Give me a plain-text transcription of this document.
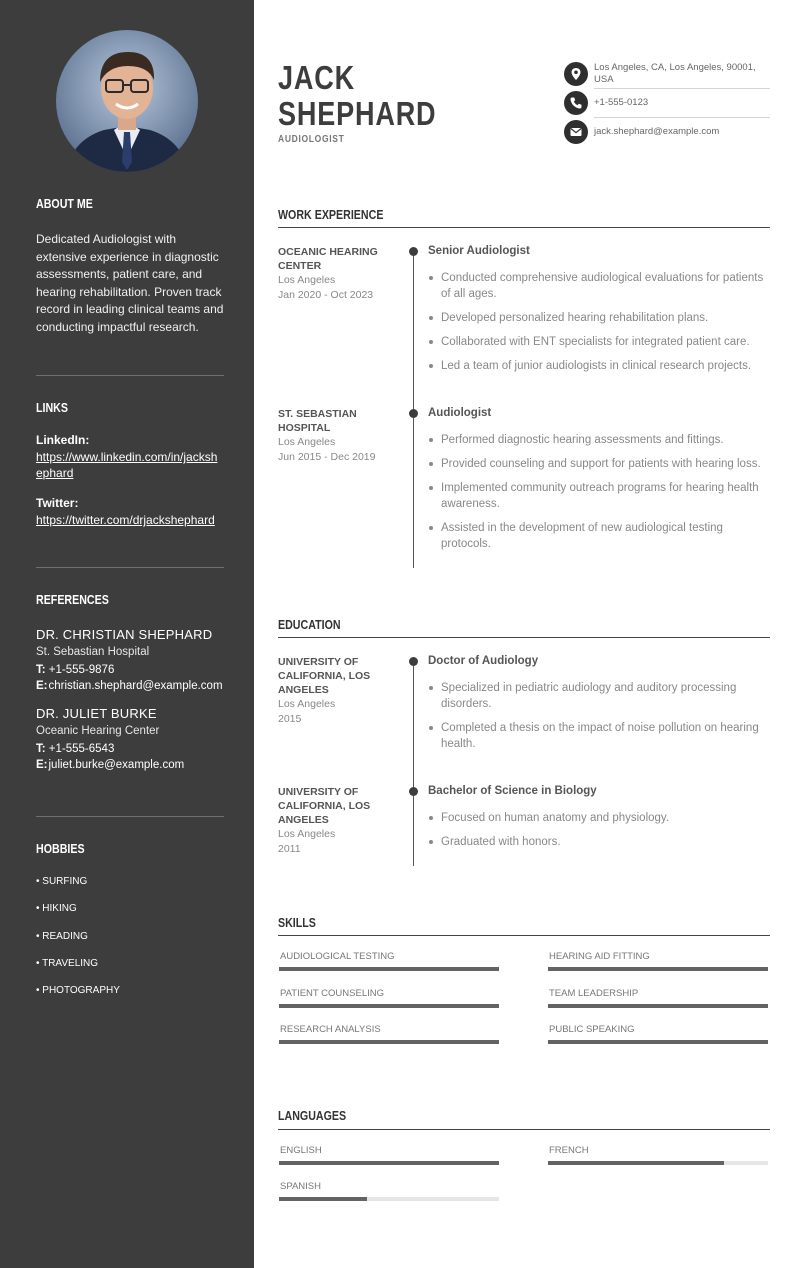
ABOUT ME
Dedicated Audiologist with extensive experience in diagnostic assessments, patient care, and hearing rehabilitation. Proven track record in leading clinical teams and conducting impactful research.
LINKS
LinkedIn:
https://www.linkedin.com/in/jackshephard
Twitter:
https://twitter.com/drjackshephard
REFERENCES
DR. CHRISTIAN SHEPHARD
St. Sebastian Hospital
T: +1-555-9876
E: christian.shephard@example.com
DR. JULIET BURKE
Oceanic Hearing Center
T: +1-555-6543
E: juliet.burke@example.com
HOBBIES
• SURFING
• HIKING
• READING
• TRAVELING
• PHOTOGRAPHY
JACK
SHEPHARD
AUDIOLOGIST
Los Angeles, CA, Los Angeles, 90001, USA
+1-555-0123
jack.shephard@example.com
WORK EXPERIENCE
OCEANIC HEARING CENTER
Los Angeles
Jan 2020 - Oct 2023
Senior Audiologist
Conducted comprehensive audiological evaluations for patients of all ages.
Developed personalized hearing rehabilitation plans.
Collaborated with ENT specialists for integrated patient care.
Led a team of junior audiologists in clinical research projects.
ST. SEBASTIAN HOSPITAL
Los Angeles
Jun 2015 - Dec 2019
Audiologist
Performed diagnostic hearing assessments and fittings.
Provided counseling and support for patients with hearing loss.
Implemented community outreach programs for hearing health awareness.
Assisted in the development of new audiological testing protocols.
EDUCATION
UNIVERSITY OF CALIFORNIA, LOS ANGELES
Los Angeles
2015
Doctor of Audiology
Specialized in pediatric audiology and auditory processing disorders.
Completed a thesis on the impact of noise pollution on hearing health.
UNIVERSITY OF CALIFORNIA, LOS ANGELES
Los Angeles
2011
Bachelor of Science in Biology
Focused on human anatomy and physiology.
Graduated with honors.
SKILLS
AUDIOLOGICAL TESTING	HEARING AID FITTING
PATIENT COUNSELING	TEAM LEADERSHIP
RESEARCH ANALYSIS	PUBLIC SPEAKING
LANGUAGES
ENGLISH	FRENCH
SPANISH
